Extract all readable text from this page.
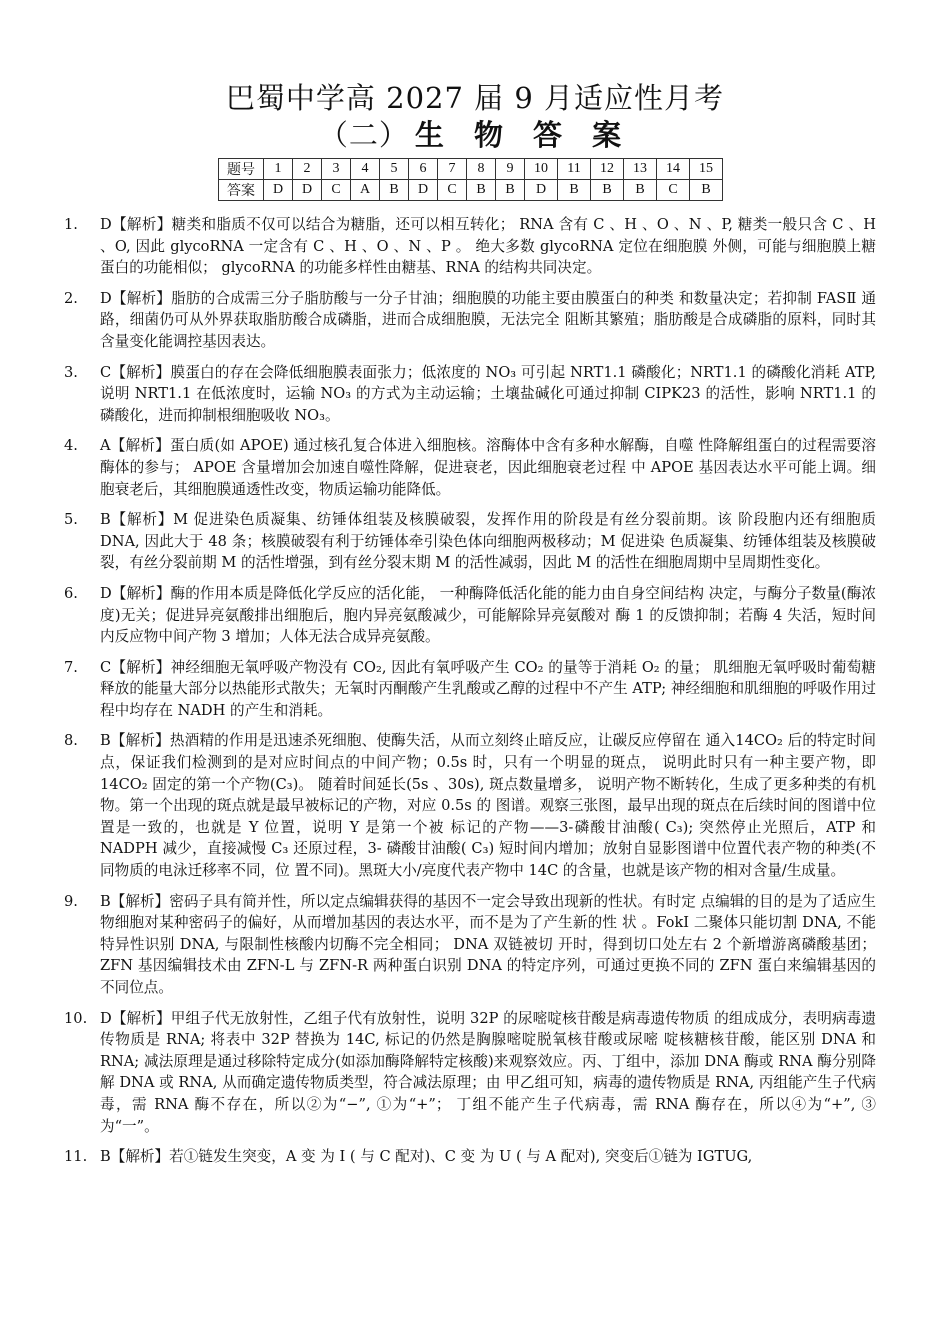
巴蜀中学高 2027 届 9 月适应性月考
（二） 生 物 答 案
题号	1	2	3	4	5	6	7	8	9	10	11	12	13	14	15
答案	D	D	C	A	B	D	C	B	B	D	B	B	B	C	B
1. D【解析】糖类和脂质不仅可以结合为糖脂，还可以相互转化； RNA 含有 C 、H 、O 、N 、P, 糖类一般只含 C 、H 、O, 因此 glycoRNA 一定含有 C 、H 、O 、N 、P 。 绝大多数 glycoRNA 定位在细胞膜 外侧，可能与细胞膜上糖蛋白的功能相似； glycoRNA 的功能多样性由糖基、RNA 的结构共同决定。
2. D【解析】脂肪的合成需三分子脂肪酸与一分子甘油；细胞膜的功能主要由膜蛋白的种类 和数量决定；若抑制 FASⅡ 通路，细菌仍可从外界获取脂肪酸合成磷脂，进而合成细胞膜，无法完全 阻断其繁殖；脂肪酸是合成磷脂的原料，同时其含量变化能调控基因表达。
3. C【解析】膜蛋白的存在会降低细胞膜表面张力；低浓度的 NO₃ 可引起 NRT1.1 磷酸化；NRT1.1 的磷酸化消耗 ATP, 说明 NRT1.1 在低浓度时，运输 NO₃ 的方式为主动运输；土壤盐碱化可通过抑制 CIPK23 的活性，影响 NRT1.1 的磷酸化，进而抑制根细胞吸收 NO₃。
4. A【解析】蛋白质(如 APOE) 通过核孔复合体进入细胞核。溶酶体中含有多种水解酶，自噬 性降解组蛋白的过程需要溶酶体的参与； APOE 含量增加会加速自噬性降解，促进衰老，因此细胞衰老过程 中 APOE 基因表达水平可能上调。细胞衰老后，其细胞膜通透性改变，物质运输功能降低。
5. B【解析】M 促进染色质凝集、纺锤体组装及核膜破裂，发挥作用的阶段是有丝分裂前期。该 阶段胞内还有细胞质 DNA, 因此大于 48 条；核膜破裂有利于纺锤体牵引染色体向细胞两极移动；M 促进染 色质凝集、纺锤体组装及核膜破裂，有丝分裂前期 M 的活性增强，到有丝分裂末期 M 的活性减弱，因此 M 的活性在细胞周期中呈周期性变化。
6. D【解析】酶的作用本质是降低化学反应的活化能， 一种酶降低活化能的能力由自身空间结构 决定，与酶分子数量(酶浓度)无关；促进异亮氨酸排出细胞后，胞内异亮氨酸减少，可能解除异亮氨酸对 酶 1 的反馈抑制；若酶 4 失活，短时间内反应物中间产物 3 增加；人体无法合成异亮氨酸。
7. C【解析】神经细胞无氧呼吸产物没有 CO₂, 因此有氧呼吸产生 CO₂ 的量等于消耗 O₂ 的量； 肌细胞无氧呼吸时葡萄糖释放的能量大部分以热能形式散失；无氧时丙酮酸产生乳酸或乙醇的过程中不产生 ATP; 神经细胞和肌细胞的呼吸作用过程中均存在 NADH 的产生和消耗。
8. B【解析】热酒精的作用是迅速杀死细胞、使酶失活，从而立刻终止暗反应，让碳反应停留在 通入14CO₂ 后的特定时间点，保证我们检测到的是对应时间点的中间产物；0.5s 时，只有一个明显的斑点， 说明此时只有一种主要产物，即 14CO₂ 固定的第一个产物(C₃)。 随着时间延长(5s 、30s), 斑点数量增多， 说明产物不断转化，生成了更多种类的有机物。第一个出现的斑点就是最早被标记的产物，对应 0.5s 的 图谱。观察三张图，最早出现的斑点在后续时间的图谱中位置是一致的，也就是 Y 位置，说明 Y 是第一个被 标记的产物——3-磷酸甘油酸( C₃); 突然停止光照后，ATP 和 NADPH 减少，直接减慢 C₃ 还原过程，3- 磷酸甘油酸( C₃) 短时间内增加；放射自显影图谱中位置代表产物的种类(不同物质的电泳迁移率不同，位 置不同)。黑斑大小/亮度代表产物中 14C 的含量，也就是该产物的相对含量/生成量。
9. B【解析】密码子具有简并性，所以定点编辑获得的基因不一定会导致出现新的性状。有时定 点编辑的目的是为了适应生物细胞对某种密码子的偏好，从而增加基因的表达水平，而不是为了产生新的性 状 。FokI 二聚体只能切割 DNA, 不能特异性识别 DNA, 与限制性核酸内切酶不完全相同； DNA 双链被切 开时，得到切口处左右 2 个新增游离磷酸基团； ZFN 基因编辑技术由 ZFN-L 与 ZFN-R 两种蛋白识别 DNA 的特定序列，可通过更换不同的 ZFN 蛋白来编辑基因的不同位点。
10. D【解析】甲组子代无放射性，乙组子代有放射性，说明 32P 的尿嘧啶核苷酸是病毒遗传物质 的组成成分，表明病毒遗传物质是 RNA; 将表中 32P 替换为 14C, 标记的仍然是胸腺嘧啶脱氧核苷酸或尿嘧 啶核糖核苷酸，能区别 DNA 和 RNA; 减法原理是通过移除特定成分(如添加酶降解特定核酸)来观察效应。丙、丁组中，添加 DNA 酶或 RNA 酶分别降解 DNA 或 RNA, 从而确定遗传物质类型，符合减法原理；由 甲乙组可知，病毒的遗传物质是 RNA, 丙组能产生子代病毒，需 RNA 酶不存在，所以②为“−”, ①为“+”； 丁组不能产生子代病毒，需 RNA 酶存在，所以④为“+”, ③ 为“一”。
11. B【解析】若①链发生突变，A 变 为 I ( 与 C 配对)、C 变 为 U ( 与 A 配对), 突变后①链为 IGTUG,
